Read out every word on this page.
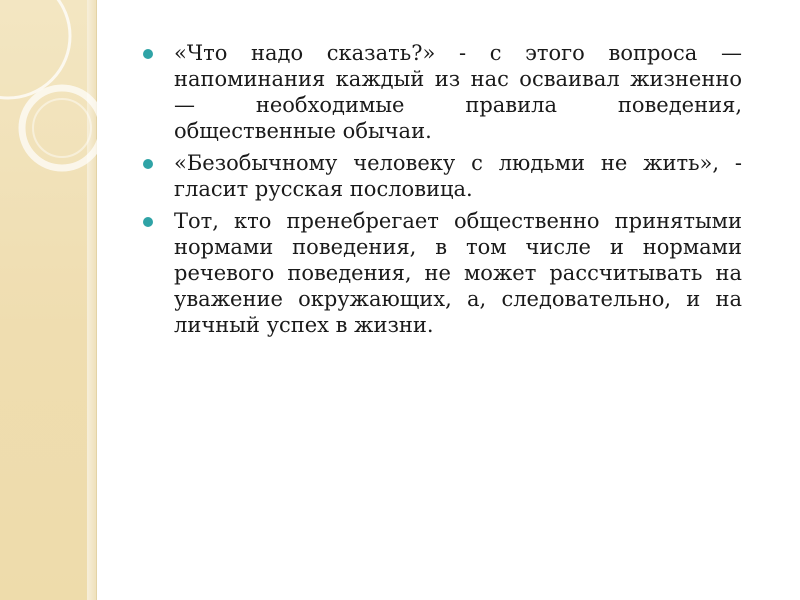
«Что надо сказать?» - с этого вопроса — напоминания каждый из нас осваивал жизненно — необходимые правила поведения, общественные обычаи.
«Безобычному человеку с людьми не жить», - гласит русская пословица.
Тот, кто пренебрегает общественно принятыми нормами поведения, в том числе и нормами речевого поведения, не может рассчитывать на уважение окружающих, а, следовательно, и на личный успех в жизни.
